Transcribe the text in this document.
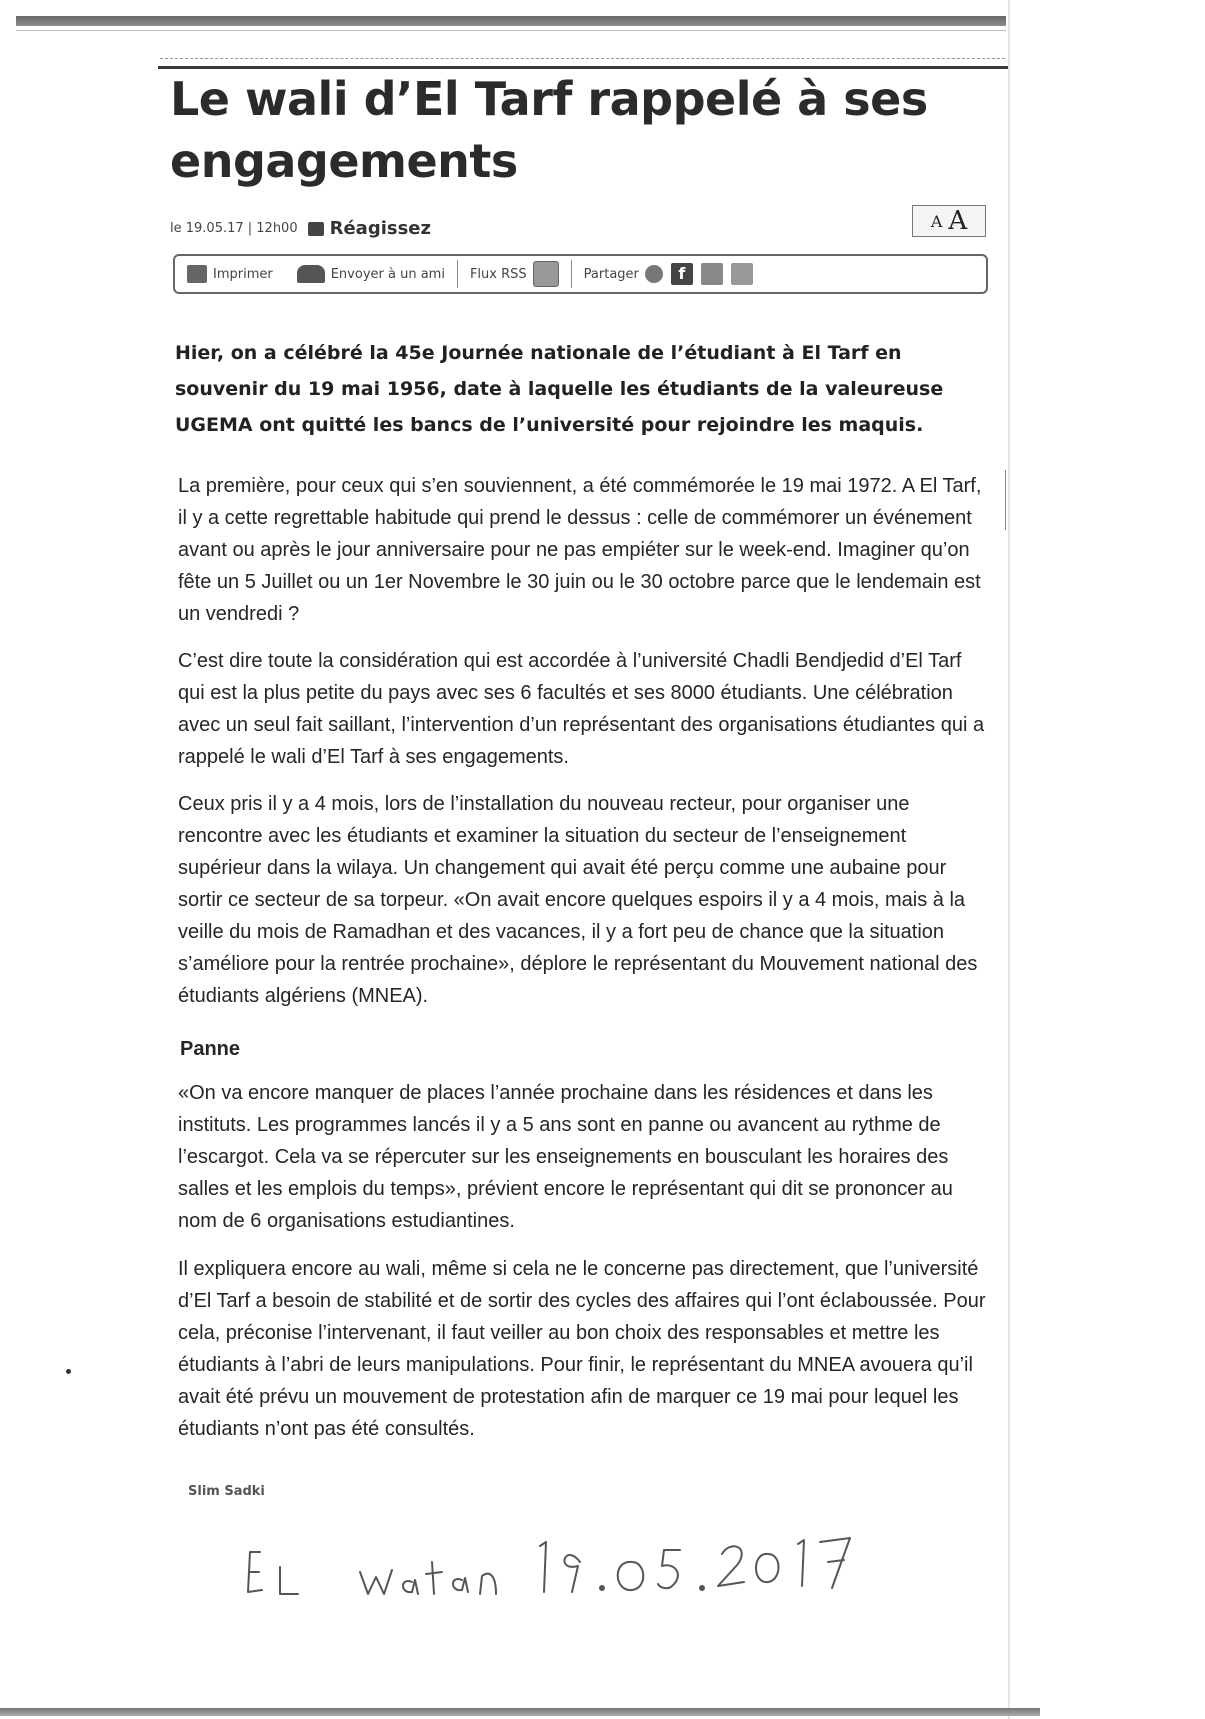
Le wali d’El Tarf rappelé à ses engagements
le 19.05.17 | 12h00 Réagissez	A A
Imprimer	Envoyer à un ami Flux RSS	Partager	f

Hier, on a célébré la 45e Journée nationale de l’étudiant à El Tarf en souvenir du 19 mai 1956, date à laquelle les étudiants de la valeureuse UGEMA ont quitté les bancs de l’université pour rejoindre les maquis.

La première, pour ceux qui s’en souviennent, a été commémorée le 19 mai 1972. A El Tarf, il y a cette regrettable habitude qui prend le dessus : celle de commémorer un événement avant ou après le jour anniversaire pour ne pas empiéter sur le week-end. Imaginer qu’on fête un 5 Juillet ou un 1er Novembre le 30 juin ou le 30 octobre parce que le lendemain est un vendredi ?

C’est dire toute la considération qui est accordée à l’université Chadli Bendjedid d’El Tarf qui est la plus petite du pays avec ses 6 facultés et ses 8000 étudiants. Une célébration avec un seul fait saillant, l’intervention d’un représentant des organisations étudiantes qui a rappelé le wali d’El Tarf à ses engagements.

Ceux pris il y a 4 mois, lors de l’installation du nouveau recteur, pour organiser une rencontre avec les étudiants et examiner la situation du secteur de l’enseignement supérieur dans la wilaya. Un changement qui avait été perçu comme une aubaine pour sortir ce secteur de sa torpeur. «On avait encore quelques espoirs il y a 4 mois, mais à la veille du mois de Ramadhan et des vacances, il y a fort peu de chance que la situation s’améliore pour la rentrée prochaine», déplore le représentant du Mouvement national des étudiants algériens (MNEA).

Panne

«On va encore manquer de places l’année prochaine dans les résidences et dans les instituts. Les programmes lancés il y a 5 ans sont en panne ou avancent au rythme de l’escargot. Cela va se répercuter sur les enseignements en bousculant les horaires des salles et les emplois du temps», prévient encore le représentant qui dit se prononcer au nom de 6 organisations estudiantines.

Il expliquera encore au wali, même si cela ne le concerne pas directement, que l’université d’El Tarf a besoin de stabilité et de sortir des cycles des affaires qui l’ont éclaboussée. Pour cela, préconise l’intervenant, il faut veiller au bon choix des responsables et mettre les étudiants à l’abri de leurs manipulations. Pour finir, le représentant du MNEA avouera qu’il avait été prévu un mouvement de protestation afin de marquer ce 19 mai pour lequel les étudiants n’ont pas été consultés.

Slim Sadki
